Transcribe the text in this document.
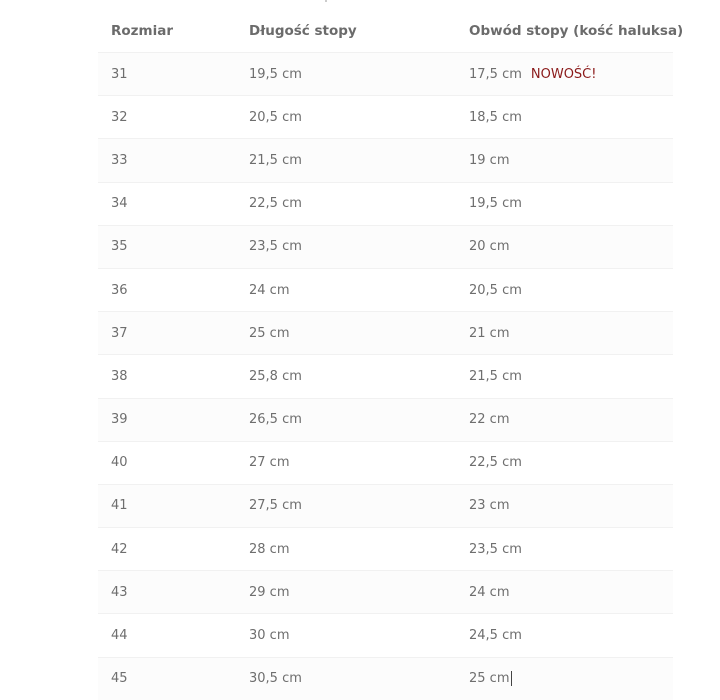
Rozmiar	Długość stopy	Obwód stopy (kość haluksa)
31	19,5 cm	17,5 cm NOWOŚĆ!
32	20,5 cm	18,5 cm
33	21,5 cm	19 cm
34	22,5 cm	19,5 cm
35	23,5 cm	20 cm
36	24 cm	20,5 cm
37	25 cm	21 cm
38	25,8 cm	21,5 cm
39	26,5 cm	22 cm
40	27 cm	22,5 cm
41	27,5 cm	23 cm
42	28 cm	23,5 cm
43	29 cm	24 cm
44	30 cm	24,5 cm
45	30,5 cm	25 cm
